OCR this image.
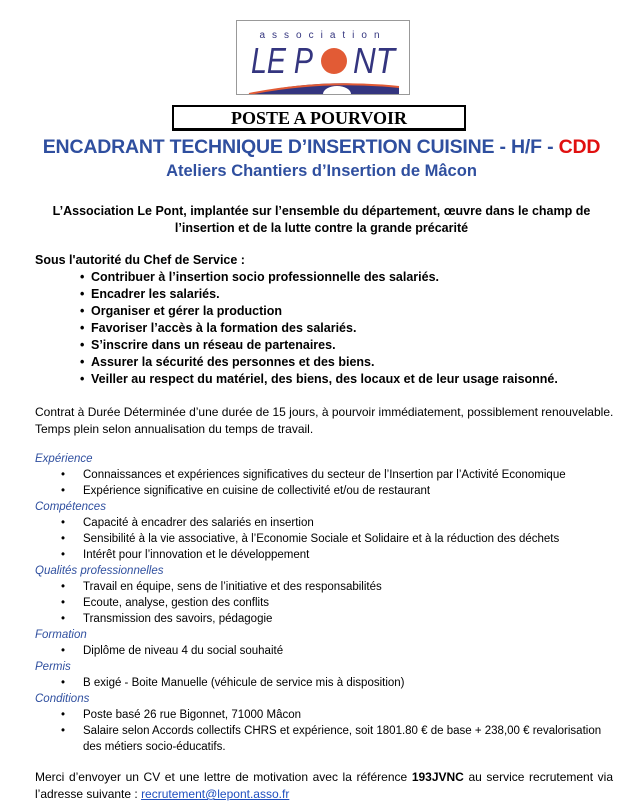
association
LE P NT
POSTE A POURVOIR
ENCADRANT TECHNIQUE D’INSERTION CUISINE - H/F - CDD
Ateliers Chantiers d’Insertion de Mâcon
L’Association Le Pont, implantée sur l’ensemble du département, œuvre dans le champ de l’insertion et de la lutte contre la grande précarité
Sous l'autorité du Chef de Service :
• Contribuer à l’insertion socio professionnelle des salariés.
• Encadrer les salariés.
• Organiser et gérer la production
• Favoriser l’accès à la formation des salariés.
• S’inscrire dans un réseau de partenaires.
• Assurer la sécurité des personnes et des biens.
• Veiller au respect du matériel, des biens, des locaux et de leur usage raisonné.
Contrat à Durée Déterminée d’une durée de 15 jours, à pourvoir immédiatement, possiblement renouvelable.
Temps plein selon annualisation du temps de travail.
Expérience
• Connaissances et expériences significatives du secteur de l’Insertion par l’Activité Economique
• Expérience significative en cuisine de collectivité et/ou de restaurant
Compétences
• Capacité à encadrer des salariés en insertion
• Sensibilité à la vie associative, à l’Economie Sociale et Solidaire et à la réduction des déchets
• Intérêt pour l’innovation et le développement
Qualités professionnelles
• Travail en équipe, sens de l’initiative et des responsabilités
• Ecoute, analyse, gestion des conflits
• Transmission des savoirs, pédagogie
Formation
• Diplôme de niveau 4 du social souhaité
Permis
• B exigé - Boite Manuelle (véhicule de service mis à disposition)
Conditions
• Poste basé 26 rue Bigonnet, 71000 Mâcon
• Salaire selon Accords collectifs CHRS et expérience, soit 1801.80 € de base + 238,00 € revalorisation des métiers socio-éducatifs.
Merci d’envoyer un CV et une lettre de motivation avec la référence 193JVNC au service recrutement via l’adresse suivante : recrutement@lepont.asso.fr
